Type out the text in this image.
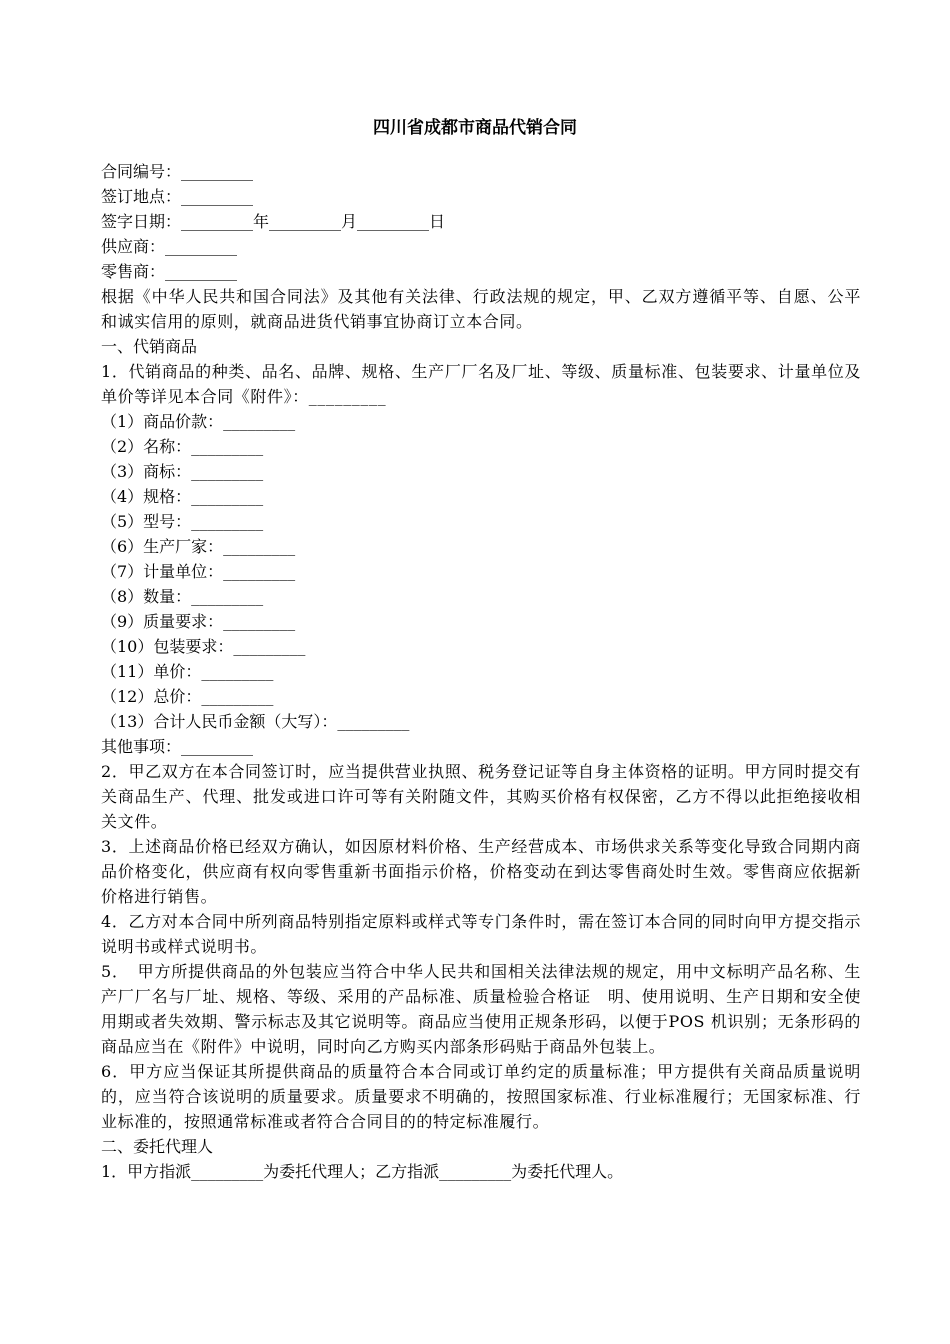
四川省成都市商品代销合同
合同编号：_________
签订地点：_________
签字日期：_________年_________月_________日
供应商：_________
零售商：_________
根据《中华人民共和国合同法》及其他有关法律、行政法规的规定，甲、乙双方遵循平等、自愿、公平和诚实信用的原则，就商品进货代销事宜协商订立本合同。
一、代销商品
1．代销商品的种类、品名、品牌、规格、生产厂厂名及厂址、等级、质量标准、包装要求、计量单位及单价等详见本合同《附件》：_________
（1）商品价款：_________
（2）名称：_________
（3）商标：_________
（4）规格：_________
（5）型号：_________
（6）生产厂家：_________
（7）计量单位：_________
（8）数量：_________
（9）质量要求：_________
（10）包装要求：_________
（11）单价：_________
（12）总价：_________
（13）合计人民币金额（大写）：_________
其他事项：_________
2．甲乙双方在本合同签订时，应当提供营业执照、税务登记证等自身主体资格的证明。甲方同时提交有关商品生产、代理、批发或进口许可等有关附随文件，其购买价格有权保密，乙方不得以此拒绝接收相关文件。
3．上述商品价格已经双方确认，如因原材料价格、生产经营成本、市场供求关系等变化导致合同期内商品价格变化，供应商有权向零售重新书面指示价格，价格变动在到达零售商处时生效。零售商应依据新价格进行销售。
4．乙方对本合同中所列商品特别指定原料或样式等专门条件时，需在签订本合同的同时向甲方提交指示说明书或样式说明书。
5．　甲方所提供商品的外包装应当符合中华人民共和国相关法律法规的规定，用中文标明产品名称、生产厂厂名与厂址、规格、等级、采用的产品标准、质量检验合格证　明、使用说明、生产日期和安全使用期或者失效期、警示标志及其它说明等。商品应当使用正规条形码，以便于POS 机识别；无条形码的商品应当在《附件》中说明，同时向乙方购买内部条形码贴于商品外包装上。
6．甲方应当保证其所提供商品的质量符合本合同或订单约定的质量标准；甲方提供有关商品质量说明的，应当符合该说明的质量要求。质量要求不明确的，按照国家标准、行业标准履行；无国家标准、行业标准的，按照通常标准或者符合合同目的的特定标准履行。
二、委托代理人
1．甲方指派_________为委托代理人；乙方指派_________为委托代理人。
